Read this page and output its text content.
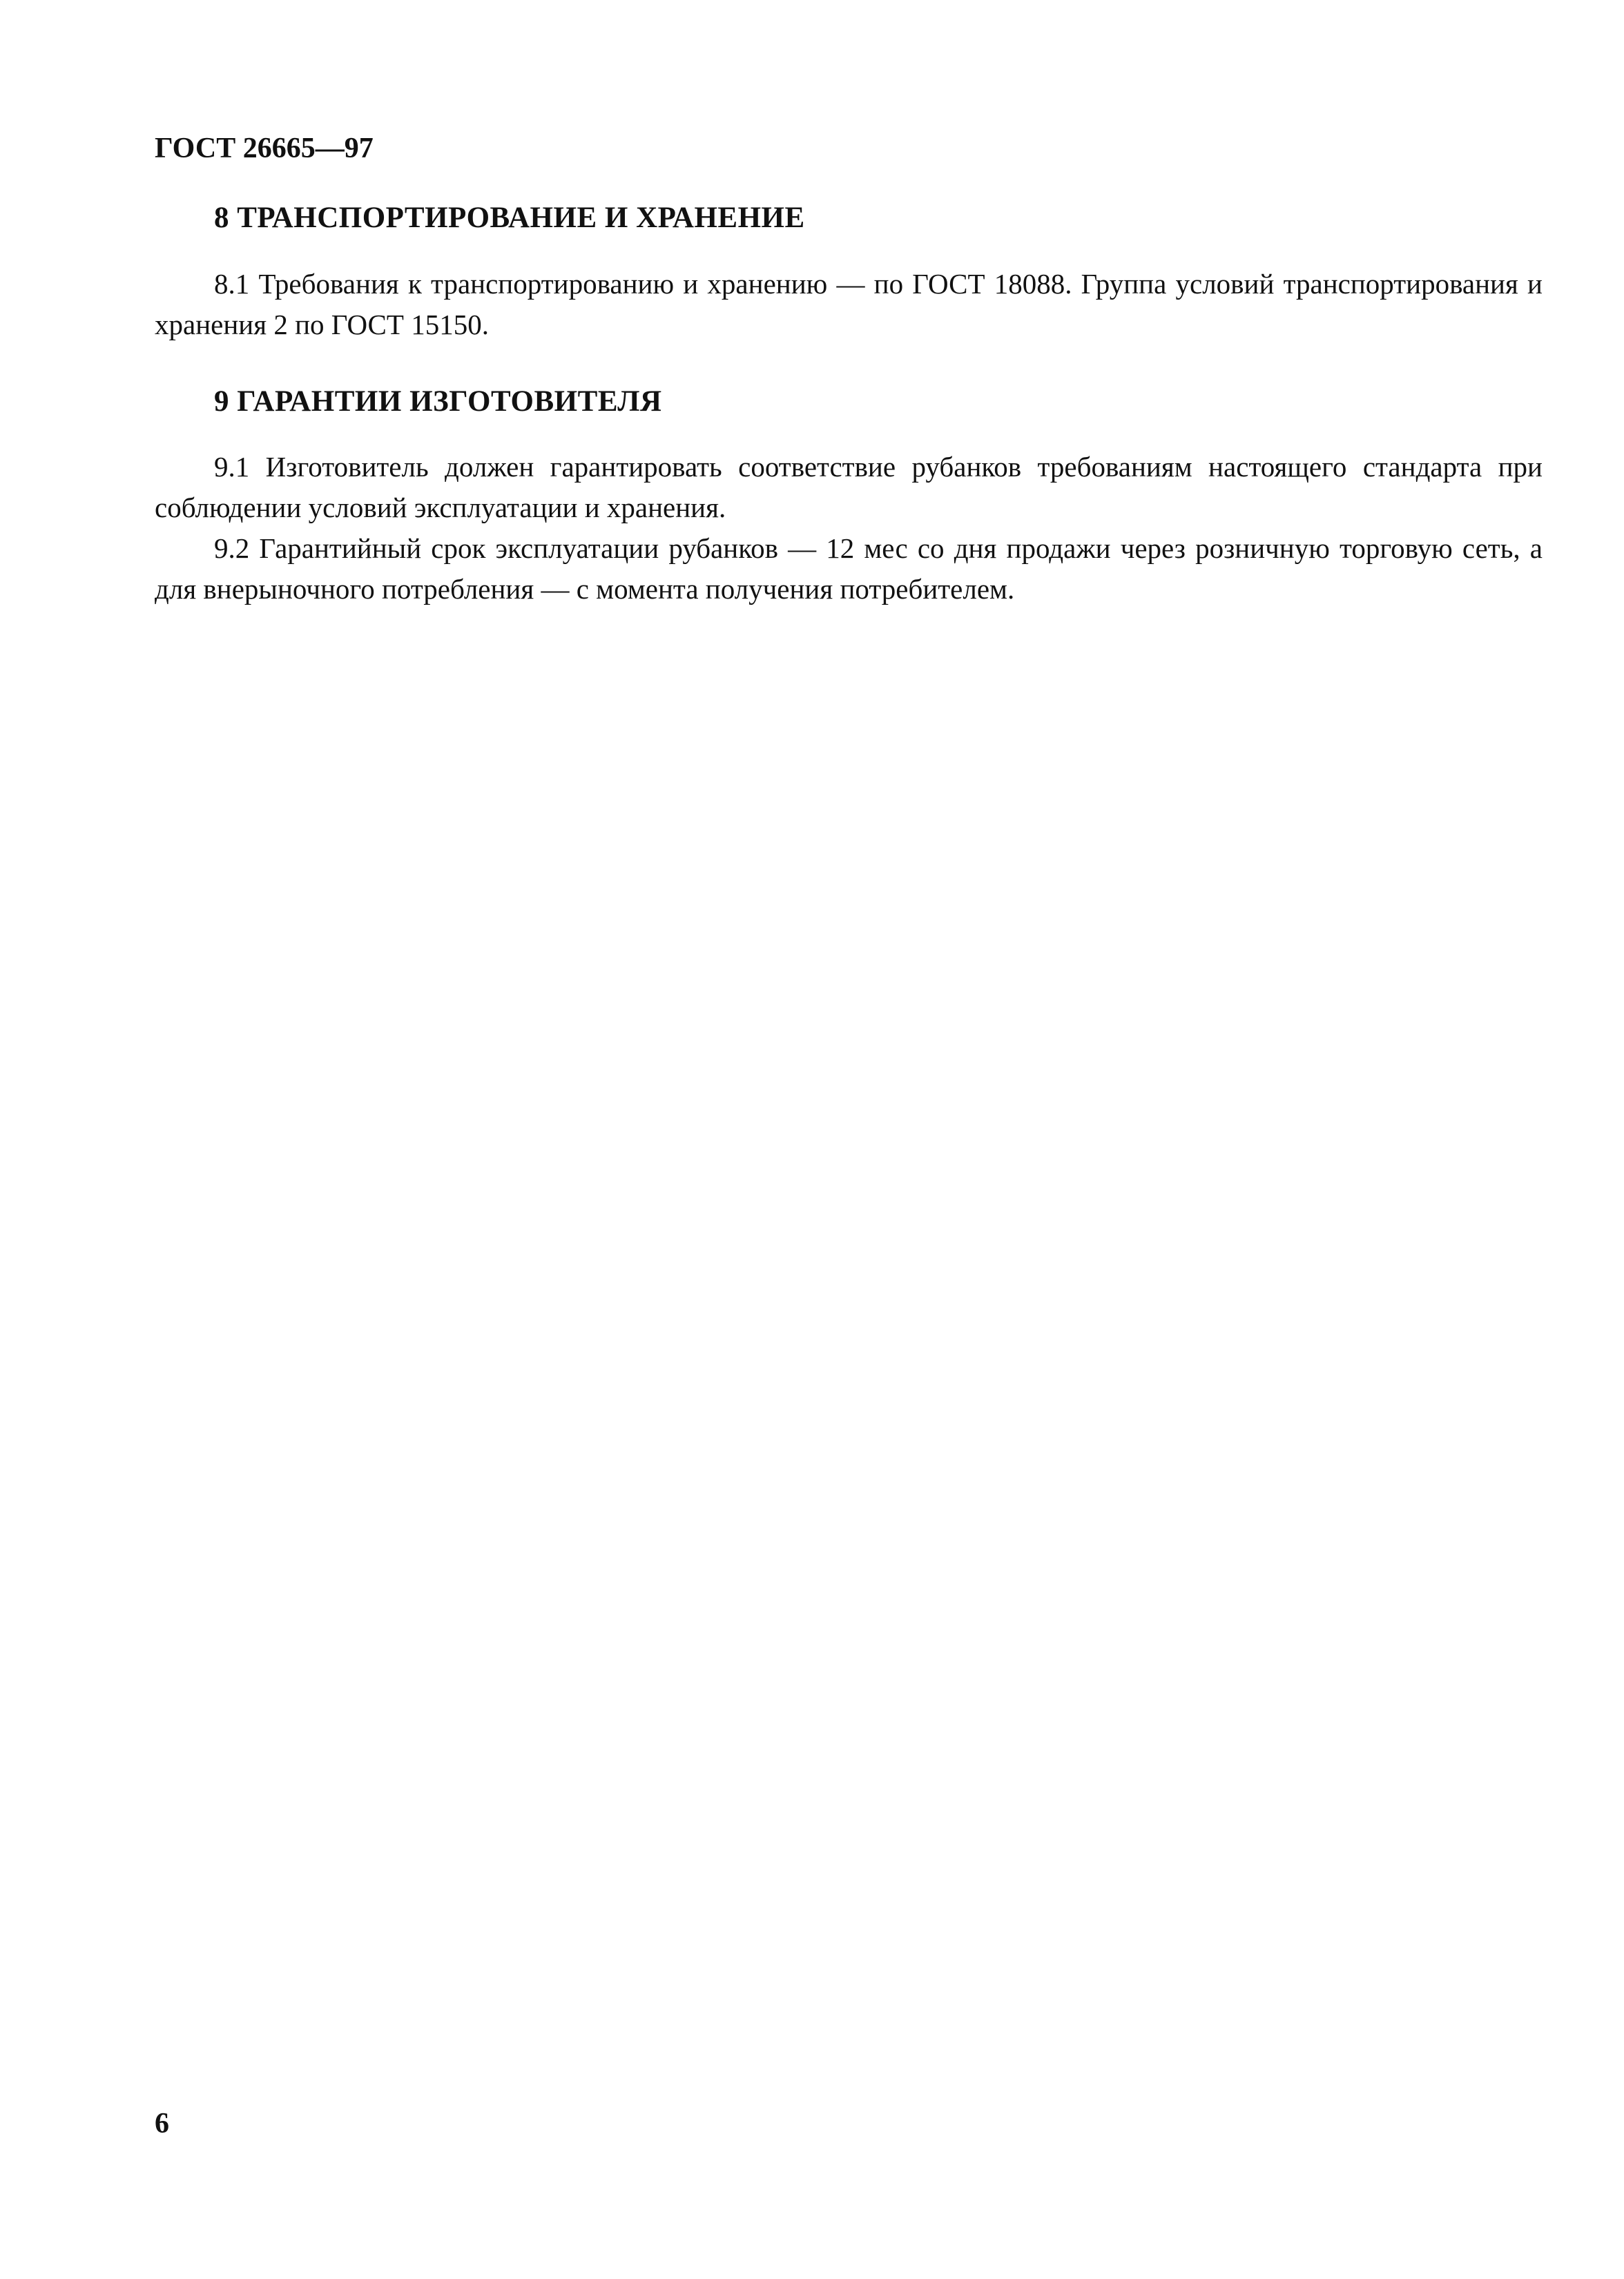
ГОСТ 26665—97

8 ТРАНСПОРТИРОВАНИЕ И ХРАНЕНИЕ

8.1 Требования к транспортированию и хранению — по ГОСТ 18088. Группа условий транспортирования и хранения 2 по ГОСТ 15150.

9 ГАРАНТИИ ИЗГОТОВИТЕЛЯ

9.1 Изготовитель должен гарантировать соответствие рубанков требованиям настоящего стандарта при соблюдении условий эксплуатации и хранения.

9.2 Гарантийный срок эксплуатации рубанков — 12 мес со дня продажи через розничную торговую сеть, а для внерыночного потребления — с момента получения потребителем.

6
